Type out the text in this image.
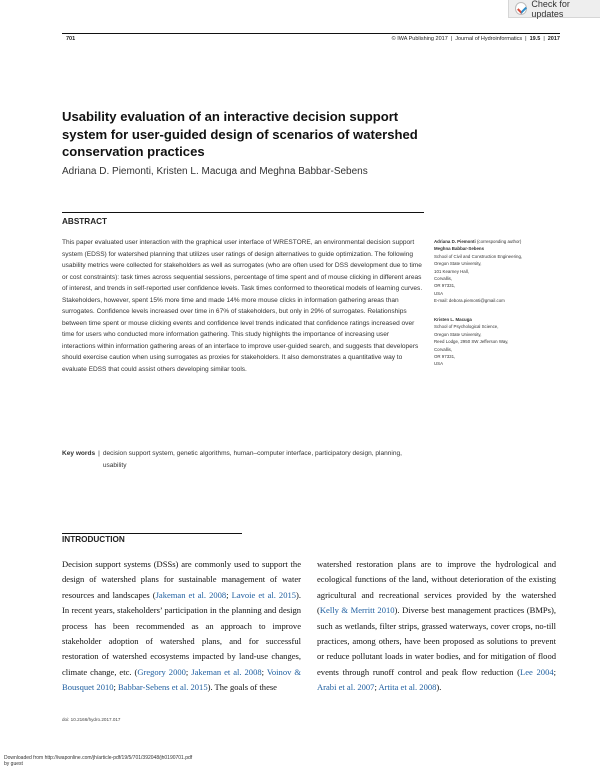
Check for updates
701	© IWA Publishing 2017 | Journal of Hydroinformatics | 19.5 | 2017
Usability evaluation of an interactive decision support system for user-guided design of scenarios of watershed conservation practices
Adriana D. Piemonti, Kristen L. Macuga and Meghna Babbar-Sebens
ABSTRACT
This paper evaluated user interaction with the graphical user interface of WRESTORE, an environmental decision support system (EDSS) for watershed planning that utilizes user ratings of design alternatives to guide optimization. The following usability metrics were collected for stakeholders as well as surrogates (who are often used for DSS development due to time or cost constraints): task times across sequential sessions, percentage of time spent and of mouse clicking in different areas of interest, and trends in self-reported user confidence levels. Task times conformed to theoretical models of learning curves. Stakeholders, however, spent 15% more time and made 14% more mouse clicks in information gathering areas than surrogates. Confidence levels increased over time in 67% of stakeholders, but only in 29% of surrogates. Relationships between time spent or mouse clicking events and confidence level trends indicated that confidence ratings increased over time for users who conducted more information gathering. This study highlights the importance of increasing user interactions within information gathering areas of an interface to improve user-guided search, and suggests that developers should exercise caution when using surrogates as proxies for stakeholders. It also demonstrates a quantitative way to evaluate EDSS that could assist others developing similar tools.
Key words | decision support system, genetic algorithms, human–computer interface, participatory design, planning, usability
Adriana D. Piemonti (corresponding author)
Meghna Babbar-Sebens
School of Civil and Construction Engineering,
Oregon State University,
101 Kearney Hall,
Corvallis,
OR 97331,
USA
E-mail: debora.piemonti@gmail.com
Kristen L. Macuga
School of Psychological Science,
Oregon State University,
Reed Lodge, 2950 SW Jefferson Way,
Corvallis,
OR 97331,
USA
INTRODUCTION
Decision support systems (DSSs) are commonly used to support the design of watershed plans for sustainable management of water resources and landscapes (Jakeman et al. 2008; Lavoie et al. 2015). In recent years, stakeholders’ participation in the planning and design process has been recommended as an approach to improve stakeholder adoption of watershed plans, and for successful restoration of watershed ecosystems impacted by land-use changes, climate change, etc. (Gregory 2000; Jakeman et al. 2008; Voinov & Bousquet 2010; Babbar-Sebens et al. 2015). The goals of these
watershed restoration plans are to improve the hydrological and ecological functions of the land, without deterioration of the existing agricultural and recreational services provided by the watershed (Kelly & Merritt 2010). Diverse best management practices (BMPs), such as wetlands, filter strips, grassed waterways, cover crops, no-till practices, among others, have been proposed as solutions to prevent or reduce pollutant loads in water bodies, and for mitigation of flood events through runoff control and peak flow reduction (Lee 2004; Arabi et al. 2007; Artita et al. 2008).
doi: 10.2166/hydro.2017.017
Downloaded from http://iwaponline.com/jh/article-pdf/19/5/701/392048/jh0190701.pdf
by guest
